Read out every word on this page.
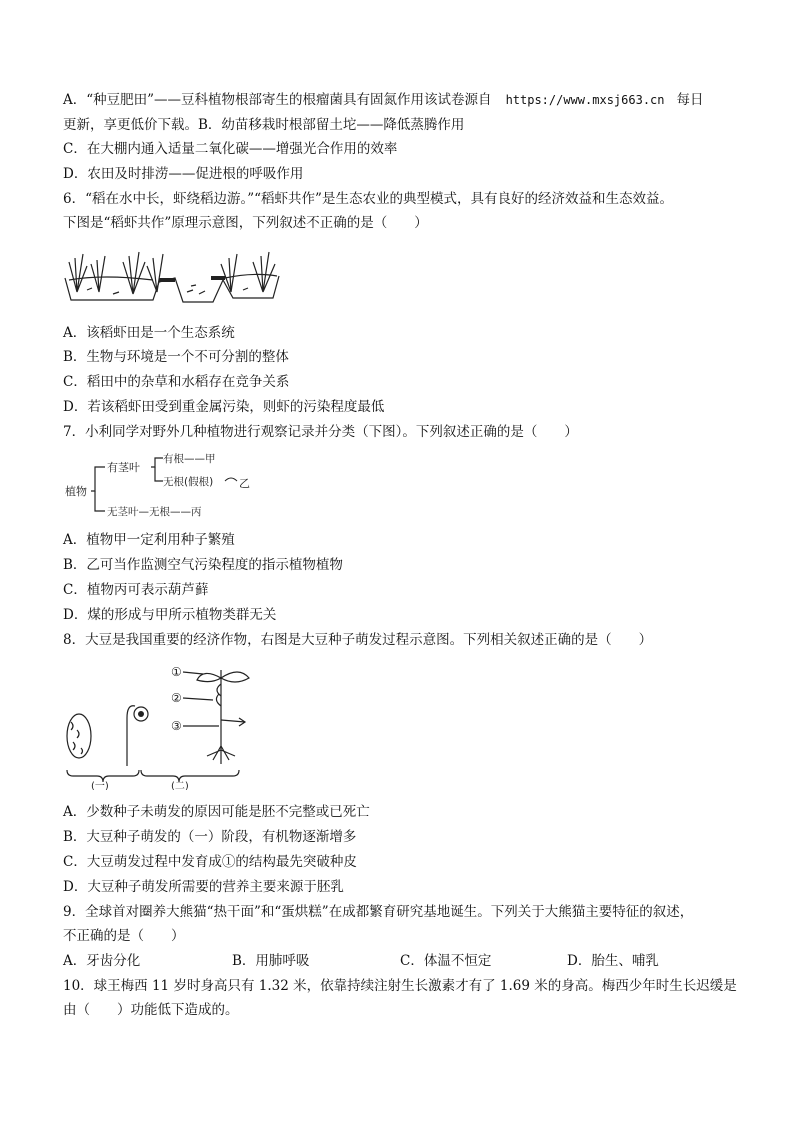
A．“种豆肥田”——豆科植物根部寄生的根瘤菌具有固氮作用该试卷源自 https://www.mxsj663.cn 每日
更新，享更低价下载。B．幼苗移栽时根部留土坨——降低蒸腾作用
C．在大棚内通入适量二氧化碳——增强光合作用的效率
D．农田及时排涝——促进根的呼吸作用
6．“稻在水中长，虾绕稻边游。”“稻虾共作”是生态农业的典型模式，具有良好的经济效益和生态效益。
下图是“稻虾共作”原理示意图，下列叙述不正确的是（　　）
A．该稻虾田是一个生态系统
B．生物与环境是一个不可分割的整体
C．稻田中的杂草和水稻存在竞争关系
D．若该稻虾田受到重金属污染，则虾的污染程度最低
7．小利同学对野外几种植物进行观察记录并分类（下图）。下列叙述正确的是（　　）
植物
有茎叶
有根——甲
无根(假根) 乙
无茎叶—无根——丙
A．植物甲一定利用种子繁殖
B．乙可当作监测空气污染程度的指示植物植物
C．植物丙可表示葫芦藓
D．煤的形成与甲所示植物类群无关
8．大豆是我国重要的经济作物，右图是大豆种子萌发过程示意图。下列相关叙述正确的是（　　）
①
②
③
(一)	(二)
A．少数种子未萌发的原因可能是胚不完整或已死亡
B．大豆种子萌发的（一）阶段，有机物逐渐增多
C．大豆萌发过程中发育成①的结构最先突破种皮
D．大豆种子萌发所需要的营养主要来源于胚乳
9．全球首对圈养大熊猫“热干面”和“蛋烘糕”在成都繁育研究基地诞生。下列关于大熊猫主要特征的叙述，
不正确的是（　　）
A．牙齿分化	B．用肺呼吸	C．体温不恒定	D．胎生、哺乳
10．球王梅西 11 岁时身高只有 1.32 米，依靠持续注射生长激素才有了 1.69 米的身高。梅西少年时生长迟缓是
由（　　）功能低下造成的。
